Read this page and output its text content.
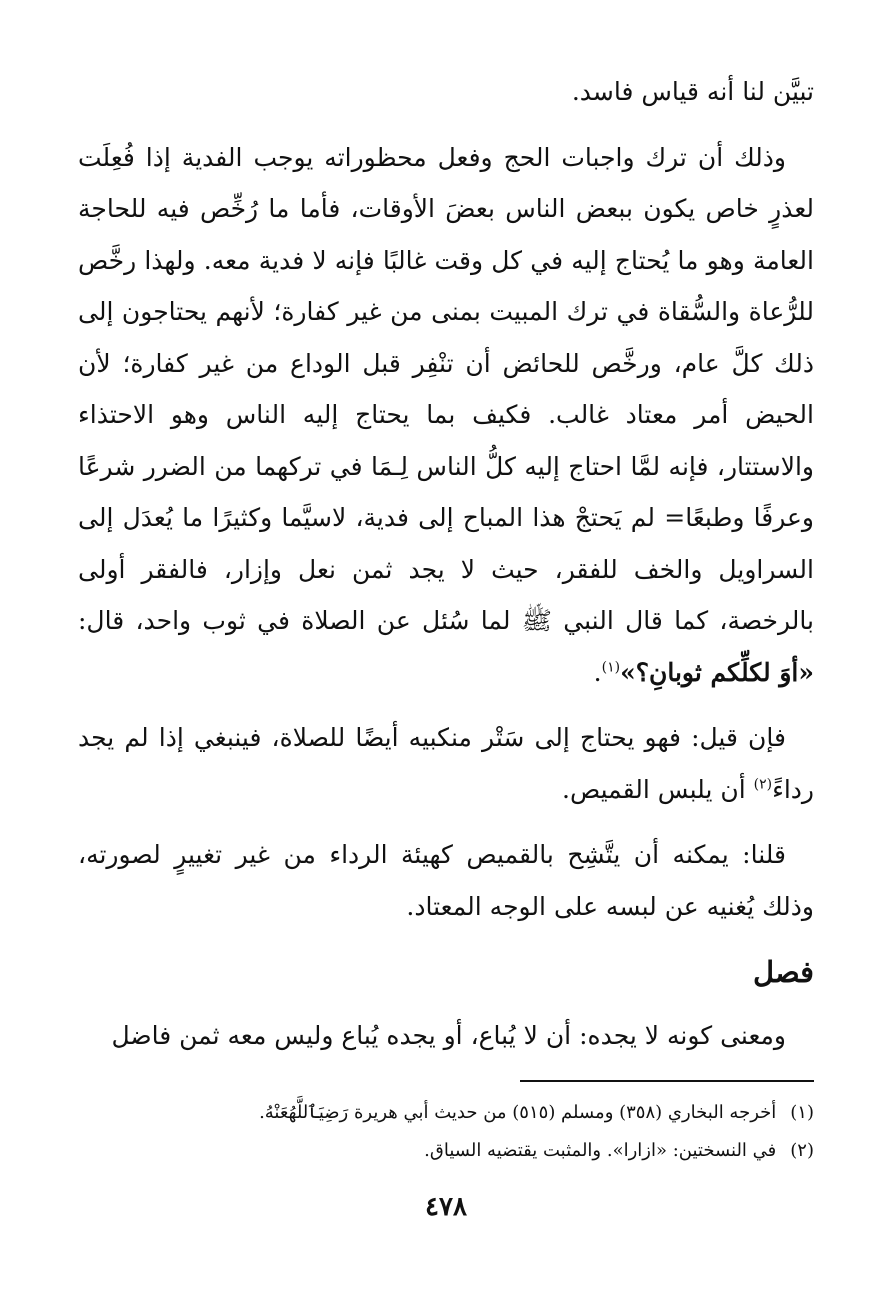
تبيَّن لنا أنه قياس فاسد.

وذلك أن ترك واجبات الحج وفعل محظوراته يوجب الفدية إذا فُعِلَت لعذرٍ خاص يكون ببعض الناس بعضَ الأوقات، فأما ما رُخِّص فيه للحاجة العامة وهو ما يُحتاج إليه في كل وقت غالبًا فإنه لا فدية معه. ولهذا رخَّص للرُّعاة والسُّقاة في ترك المبيت بمنى من غير كفارة؛ لأنهم يحتاجون إلى ذلك كلَّ عام، ورخَّص للحائض أن تنْفِر قبل الوداع من غير كفارة؛ لأن الحيض أمر معتاد غالب. فكيف بما يحتاج إليه الناس وهو الاحتذاء والاستتار، فإنه لمَّا احتاج إليه كلُّ الناس لِـمَا في تركهما من الضرر شرعًا وعرفًا وطبعًا= لم يَحتجْ هذا المباح إلى فدية، لاسيَّما وكثيرًا ما يُعدَل إلى السراويل والخف للفقر، حيث لا يجد ثمن نعل وإزار، فالفقر أولى بالرخصة، كما قال النبي ﷺ لما سُئل عن الصلاة في ثوب واحد، قال: «أوَ لكلِّكم ثوبانِ؟»$^{(١)}$.

فإن قيل: فهو يحتاج إلى سَتْر منكبيه أيضًا للصلاة، فينبغي إذا لم يجد رداءً$^{(٢)}$ أن يلبس القميص.

قلنا: يمكنه أن يتَّشِح بالقميص كهيئة الرداء من غير تغييرٍ لصورته، وذلك يُغنيه عن لبسه على الوجه المعتاد.

فصل

ومعنى كونه لا يجده: أن لا يُباع، أو يجده يُباع وليس معه ثمن فاضل

(١)أخرجه البخاري (٣٥٨) ومسلم (٥١٥) من حديث أبي هريرة رَضِيَٱللَّهُعَنْهُ.

(٢)في النسختين: «ازارا». والمثبت يقتضيه السياق.

٤٧٨
